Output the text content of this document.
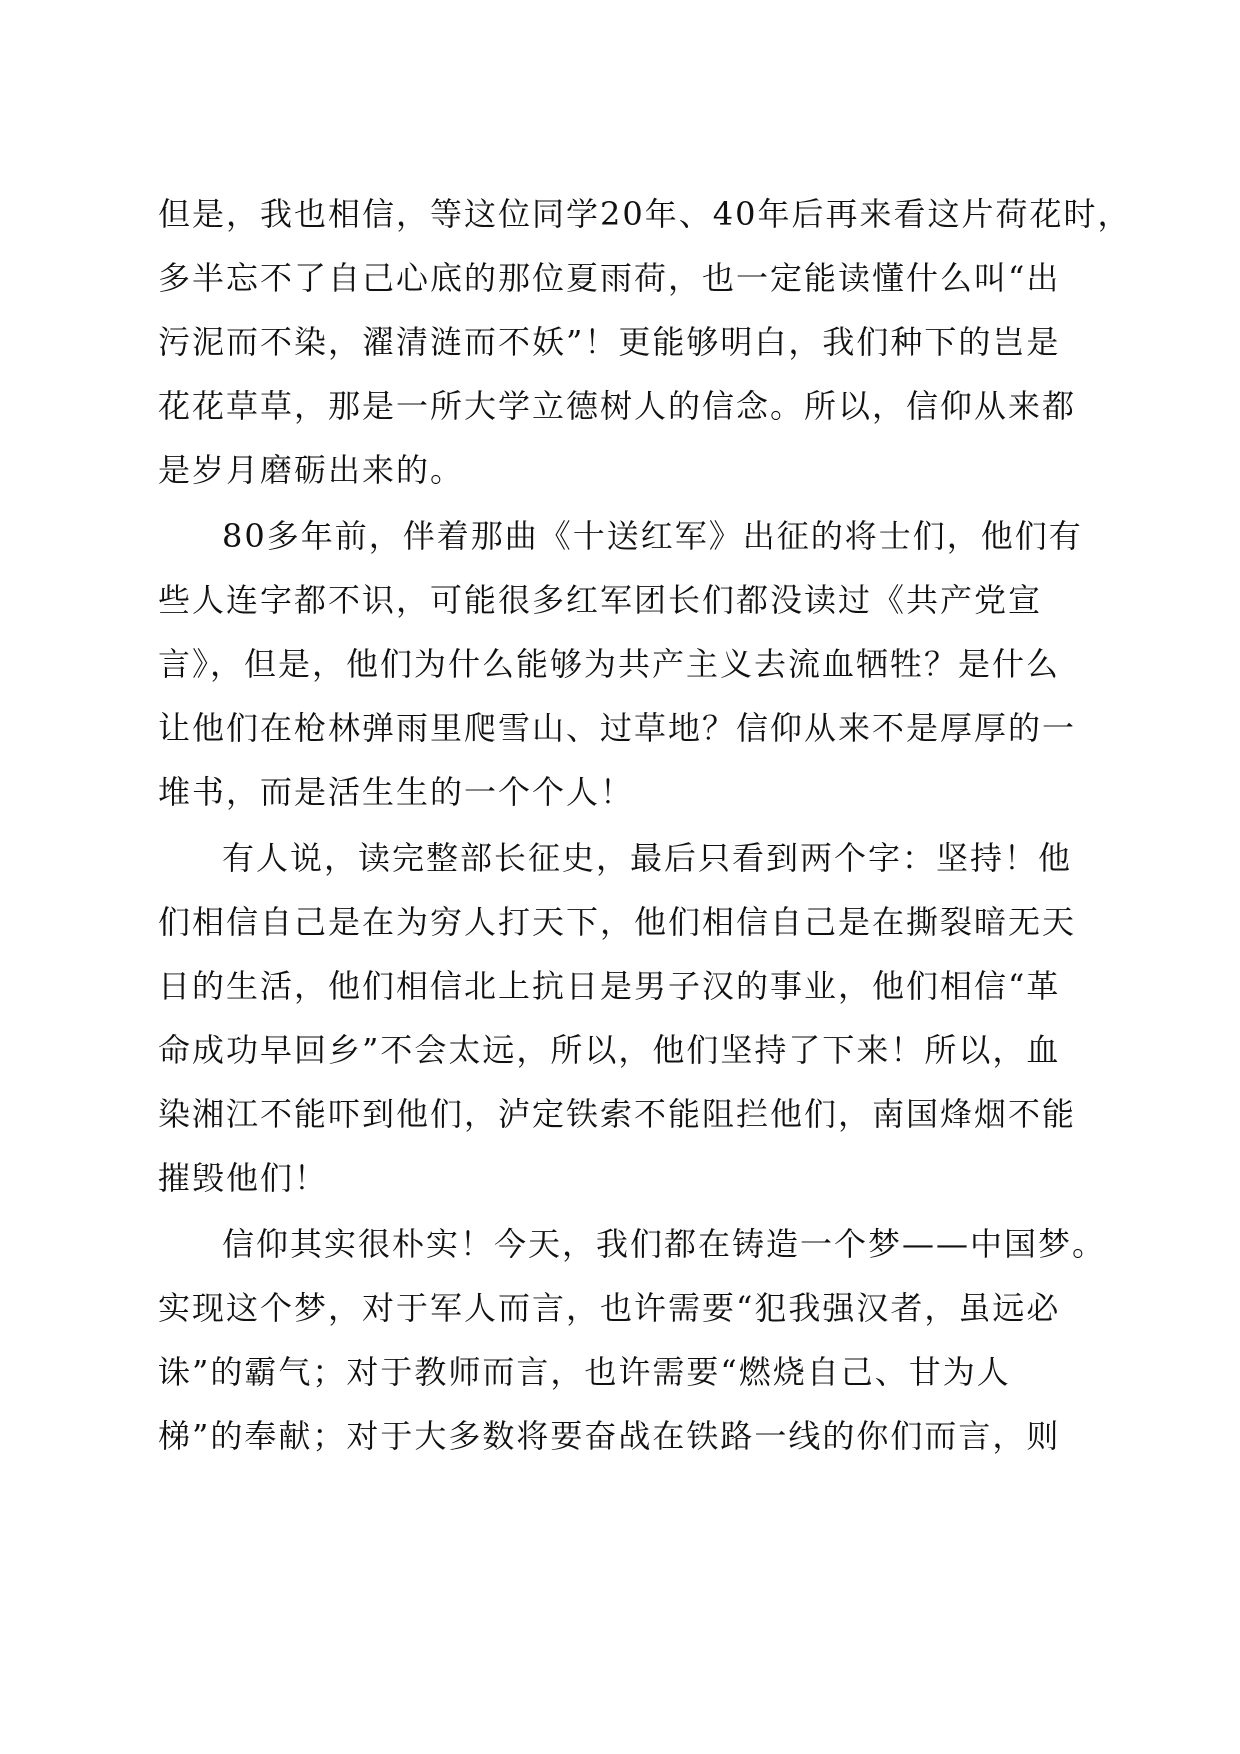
但是，我也相信，等这位同学20年、40年后再来看这片荷花时，
多半忘不了自己心底的那位夏雨荷，也一定能读懂什么叫“出
污泥而不染，濯清涟而不妖”！更能够明白，我们种下的岂是
花花草草，那是一所大学立德树人的信念。所以，信仰从来都
是岁月磨砺出来的。
80多年前，伴着那曲《十送红军》出征的将士们，他们有
些人连字都不识，可能很多红军团长们都没读过《共产党宣
言》，但是，他们为什么能够为共产主义去流血牺牲？是什么
让他们在枪林弹雨里爬雪山、过草地？信仰从来不是厚厚的一
堆书，而是活生生的一个个人！
有人说，读完整部长征史，最后只看到两个字：坚持！他
们相信自己是在为穷人打天下，他们相信自己是在撕裂暗无天
日的生活，他们相信北上抗日是男子汉的事业，他们相信“革
命成功早回乡”不会太远，所以，他们坚持了下来！所以，血
染湘江不能吓到他们，泸定铁索不能阻拦他们，南国烽烟不能
摧毁他们！
信仰其实很朴实！今天，我们都在铸造一个梦——中国梦。
实现这个梦，对于军人而言，也许需要“犯我强汉者，虽远必
诛”的霸气；对于教师而言，也许需要“燃烧自己、甘为人
梯”的奉献；对于大多数将要奋战在铁路一线的你们而言，则
